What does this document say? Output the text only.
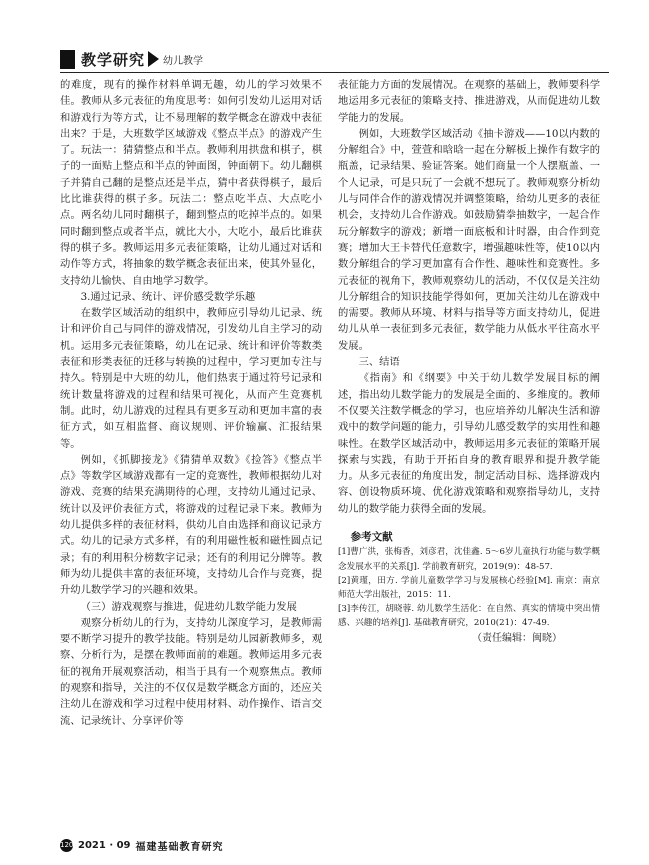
教学研究 幼儿教学

的难度，现有的操作材料单调无趣，幼儿的学习效果不佳。教师从多元表征的角度思考：如何引发幼儿运用对话和游戏行为等方式，让不易理解的数学概念在游戏中表征出来？于是，大班数学区域游戏《整点半点》的游戏产生了。玩法一：猜猜整点和半点。教师利用拱盘和棋子，棋子的一面贴上整点和半点的钟面图，钟面朝下。幼儿翻棋子并猜自己翻的是整点还是半点，猜中者获得棋子，最后比比谁获得的棋子多。玩法二：整点吃半点、大点吃小点。两名幼儿同时翻棋子，翻到整点的吃掉半点的。如果同时翻到整点或者半点，就比大小，大吃小，最后比谁获得的棋子多。教师运用多元表征策略，让幼儿通过对话和动作等方式，将抽象的数学概念表征出来，使其外显化，支持幼儿愉快、自由地学习数学。

3.通过记录、统计、评价感受数学乐趣

在数学区域活动的组织中，教师应引导幼儿记录、统计和评价自己与同伴的游戏情况，引发幼儿自主学习的动机。运用多元表征策略，幼儿在记录、统计和评价等数类表征和形类表征的迁移与转换的过程中，学习更加专注与持久。特别是中大班的幼儿，他们热衷于通过符号记录和统计数量将游戏的过程和结果可视化，从而产生竞赛机制。此时，幼儿游戏的过程具有更多互动和更加丰富的表征方式，如互相监督、商议规则、评价输赢、汇报结果等。

例如，《抓脚接龙》《猜猜单双数》《捡答》《整点半点》等数学区域游戏都有一定的竞赛性，教师根据幼儿对游戏、竞赛的结果充满期待的心理，支持幼儿通过记录、统计以及评价表征方式，将游戏的过程记录下来。教师为幼儿提供多样的表征材料，供幼儿自由选择和商议记录方式。幼儿的记录方式多样，有的利用磁性板和磁性圆点记录；有的利用积分榜数字记录；还有的利用记分牌等。教师为幼儿提供丰富的表征环境，支持幼儿合作与竞赛，提升幼儿数学学习的兴趣和效果。

（三）游戏观察与推进，促进幼儿数学能力发展

观察分析幼儿的行为，支持幼儿深度学习，是教师需要不断学习提升的教学技能。特别是幼儿园新教师多，观察、分析行为，是摆在教师面前的难题。教师运用多元表征的视角开展观察活动，相当于具有一个观察焦点。教师的观察和指导，关注的不仅仅是数学概念方面的，还应关注幼儿在游戏和学习过程中使用材料、动作操作、语言交流、记录统计、分享评价等

表征能力方面的发展情况。在观察的基础上，教师要科学地运用多元表征的策略支持、推进游戏，从而促进幼儿数学能力的发展。

例如，大班数学区域活动《抽卡游戏——10以内数的分解组合》中，萱萱和晗晗一起在分解板上操作有数字的瓶盖，记录结果、验证答案。她们商量一个人摆瓶盖、一个人记录，可是只玩了一会就不想玩了。教师观察分析幼儿与同伴合作的游戏情况并调整策略，给幼儿更多的表征机会，支持幼儿合作游戏。如鼓励猜拳抽数字，一起合作玩分解数字的游戏；新增一面底板和计时器，由合作到竞赛；增加大王卡替代任意数字，增强趣味性等，使10以内数分解组合的学习更加富有合作性、趣味性和竞赛性。多元表征的视角下，教师观察幼儿的活动，不仅仅是关注幼儿分解组合的知识技能学得如何，更加关注幼儿在游戏中的需要。教师从环境、材料与指导等方面支持幼儿，促进幼儿从单一表征到多元表征，数学能力从低水平往高水平发展。

三、结语

《指南》和《纲要》中关于幼儿数学发展目标的阐述，指出幼儿数学能力的发展是全面的、多维度的。教师不仅要关注数学概念的学习，也应培养幼儿解决生活和游戏中的数学问题的能力，引导幼儿感受数学的实用性和趣味性。在数学区域活动中，教师运用多元表征的策略开展探索与实践，有助于开拓自身的教育眼界和提升教学能力。从多元表征的角度出发，制定活动目标、选择游戏内容、创设物质环境、优化游戏策略和观察指导幼儿，支持幼儿的数学能力获得全面的发展。

参考文献

[1]曹广洪，张梅香，刘彦君，沈佳鑫. 5～6岁儿童执行功能与数学概念发展水平的关系[J]. 学前教育研究，2019(9)：48-57.

[2]黄瑾，田方. 学前儿童数学学习与发展核心经验[M]. 南京：南京师范大学出版社，2015：11.

[3]李传江，胡晓蓉. 幼儿数学生活化：在自然、真实的情境中突出情感、兴趣的培养[J]. 基础教育研究，2010(21)：47-49.

（责任编辑：闽晓）

120 2021 · 09 福建基础教育研究
